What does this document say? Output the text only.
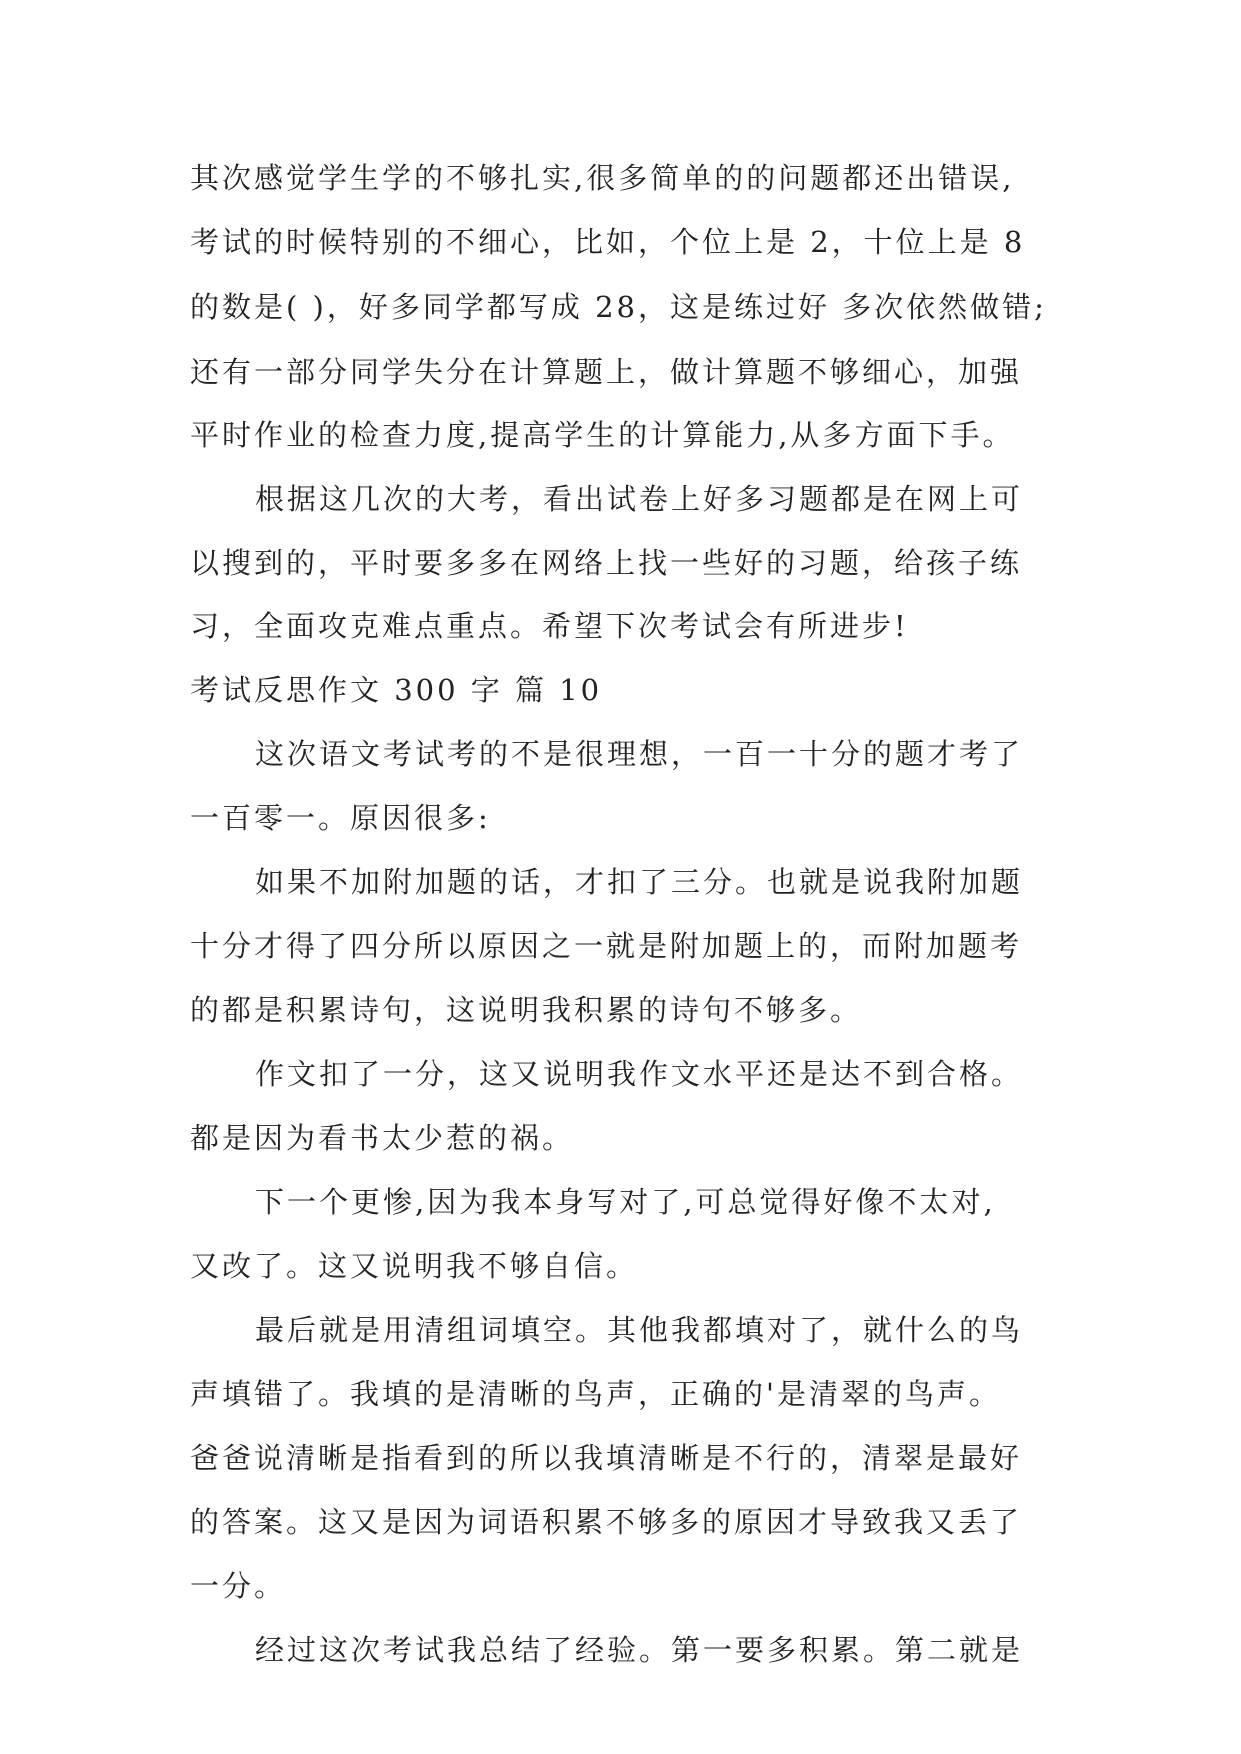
其次感觉学生学的不够扎实,很多简单的的问题都还出错误,
考试的时候特别的不细心，比如，个位上是 2，十位上是 8
的数是( )，好多同学都写成 28，这是练过好 多次依然做错;
还有一部分同学失分在计算题上，做计算题不够细心，加强
平时作业的检查力度,提高学生的计算能力,从多方面下手。
根据这几次的大考，看出试卷上好多习题都是在网上可
以搜到的，平时要多多在网络上找一些好的习题，给孩子练
习，全面攻克难点重点。希望下次考试会有所进步!
考试反思作文 300 字 篇 10
这次语文考试考的不是很理想，一百一十分的题才考了
一百零一。原因很多:
如果不加附加题的话，才扣了三分。也就是说我附加题
十分才得了四分所以原因之一就是附加题上的，而附加题考
的都是积累诗句，这说明我积累的诗句不够多。
作文扣了一分，这又说明我作文水平还是达不到合格。
都是因为看书太少惹的祸。
下一个更惨,因为我本身写对了,可总觉得好像不太对,
又改了。这又说明我不够自信。
最后就是用清组词填空。其他我都填对了，就什么的鸟
声填错了。我填的是清晰的鸟声，正确的'是清翠的鸟声。
爸爸说清晰是指看到的所以我填清晰是不行的，清翠是最好
的答案。这又是因为词语积累不够多的原因才导致我又丢了
一分。
经过这次考试我总结了经验。第一要多积累。第二就是
